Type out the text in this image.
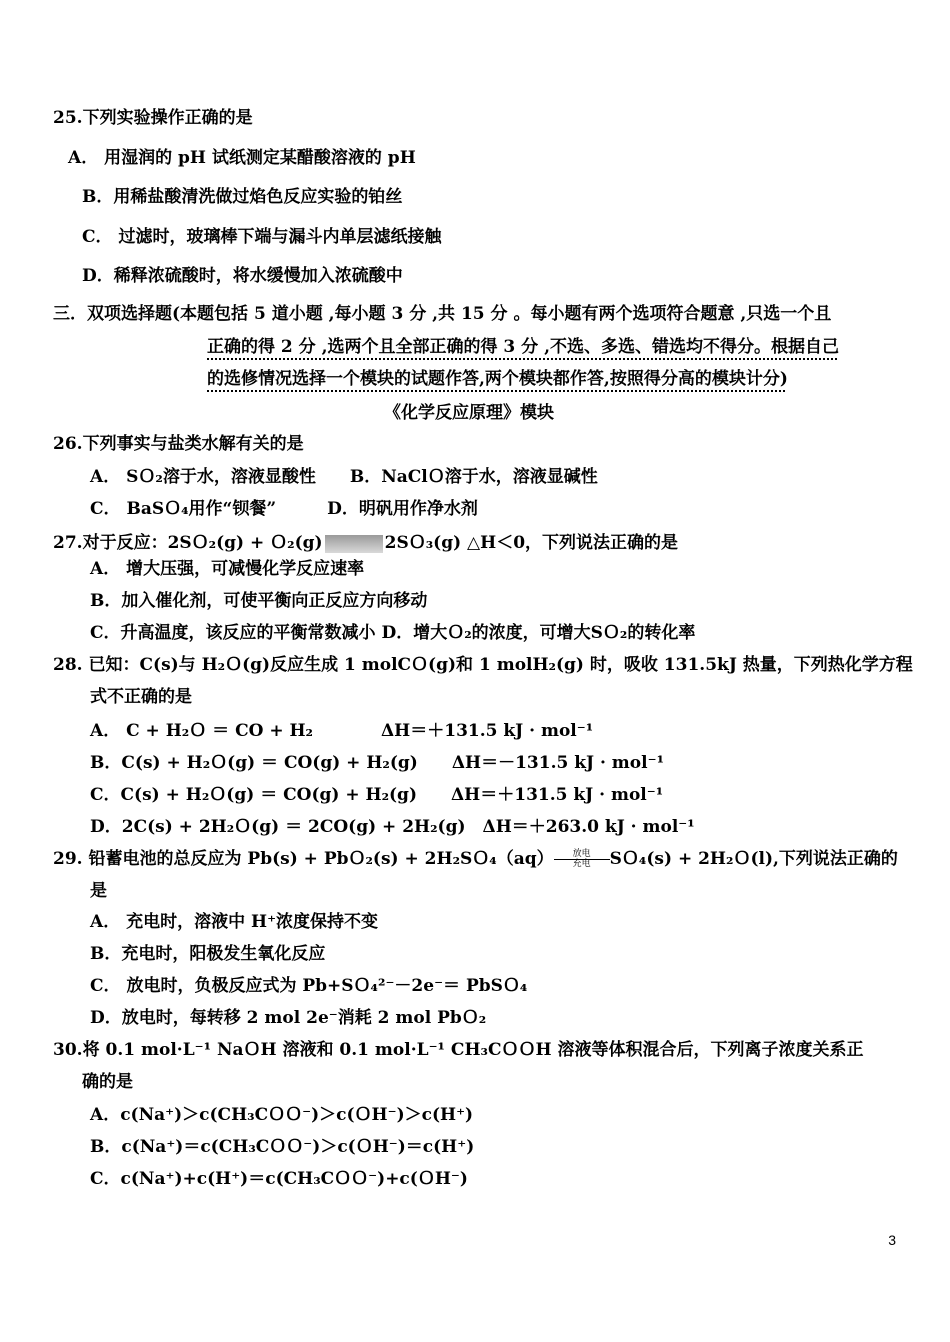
25.下列实验操作正确的是
A． 用湿润的 pH 试纸测定某醋酸溶液的 pH
B．用稀盐酸清洗做过焰色反应实验的铂丝
C． 过滤时，玻璃棒下端与漏斗内单层滤纸接触
D．稀释浓硫酸时，将水缓慢加入浓硫酸中
三．双项选择题(本题包括 5 道小题 ,每小题 3 分 ,共 15 分 。每小题有两个选项符合题意 ,只选一个且
正确的得 2 分 ,选两个且全部正确的得 3 分 ,不选、多选、错选均不得分。根据自己
的选修情况选择一个模块的试题作答,两个模块都作答,按照得分高的模块计分)
《化学反应原理》模块
26.下列事实与盐类水解有关的是
A． SＯ₂溶于水，溶液显酸性　　B．NaClＯ溶于水，溶液显碱性
C． BaSＯ₄用作“钡餐”　　　D．明矾用作净水剂
27.对于反应：2SＯ₂(g) + Ｏ₂(g)	2SＯ₃(g) △H＜0，下列说法正确的是
A． 增大压强，可减慢化学反应速率
B．加入催化剂，可使平衡向正反应方向移动
C．升高温度，该反应的平衡常数减小 D．增大Ｏ₂的浓度，可增大SＯ₂的转化率
28. 已知：C(s)与 H₂Ｏ(g)反应生成 1 molCＯ(g)和 1 molH₂(g) 时，吸收 131.5kJ 热量，下列热化学方程
式不正确的是
A． C + H₂Ｏ ＝ CO + H₂　　　　ΔH＝＋131.5 kJ · mol⁻¹
B．C(s) + H₂Ｏ(g) ＝ CO(g) + H₂(g)　　ΔH＝－131.5 kJ · mol⁻¹
C．C(s) + H₂Ｏ(g) ＝ CO(g) + H₂(g)　　ΔH＝＋131.5 kJ · mol⁻¹
D．2C(s) + 2H₂Ｏ(g) ＝ 2CO(g) + 2H₂(g)　ΔH＝＋263.0 kJ · mol⁻¹
29. 铅蓄电池的总反应为 Pb(s) + PbＯ₂(s) + 2H₂SＯ₄（aq）	放电
充电	SＯ₄(s) + 2H₂Ｏ(l),下列说法正确的
是
A． 充电时，溶液中 H⁺浓度保持不变
B．充电时，阳极发生氧化反应
C． 放电时，负极反应式为 Pb+SＯ₄²⁻－2e⁻＝ PbSＯ₄
D．放电时，每转移 2 mol 2e⁻消耗 2 mol PbＯ₂
30.将 0.1 mol·L⁻¹ NaＯH 溶液和 0.1 mol·L⁻¹ CH₃CＯＯH 溶液等体积混合后，下列离子浓度关系正
确的是
A．c(Na⁺)＞c(CH₃CＯＯ⁻)＞c(ＯH⁻)＞c(H⁺)
B．c(Na⁺)＝c(CH₃CＯＯ⁻)＞c(ＯH⁻)＝c(H⁺)
C．c(Na⁺)+c(H⁺)＝c(CH₃CＯＯ⁻)+c(ＯH⁻)
3
